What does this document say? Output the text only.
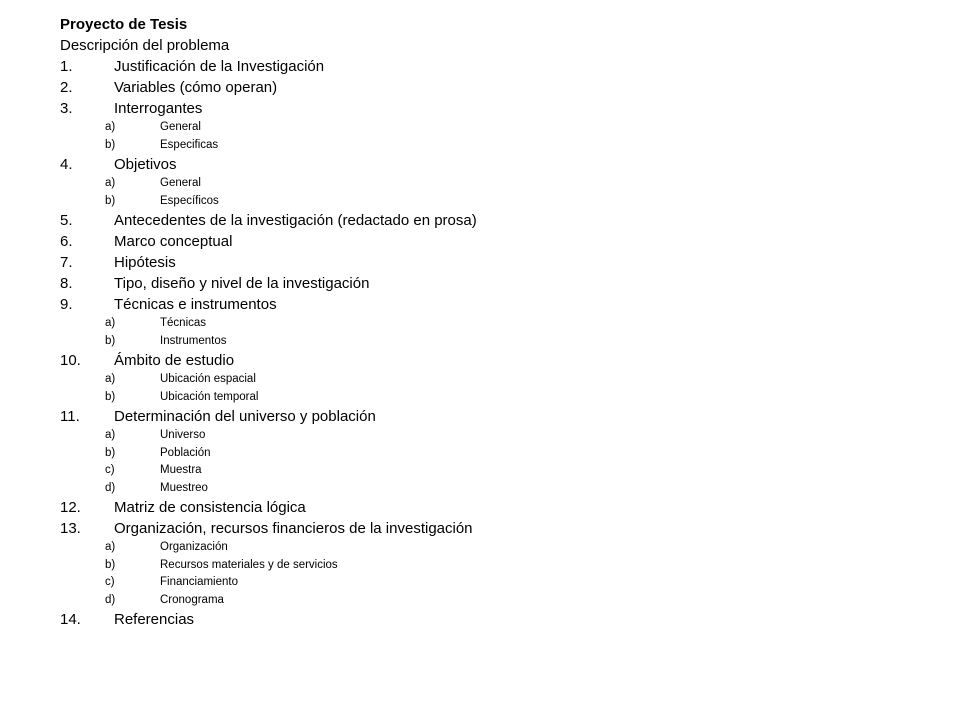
Proyecto de Tesis
Descripción del problema
1.	Justificación de la Investigación
2.	Variables (cómo operan)
3.	Interrogantes
a)	General
b)	Especificas
4.	Objetivos
a)	General
b)	Específicos
5.	Antecedentes de la investigación (redactado en prosa)
6.	Marco conceptual
7.	Hipótesis
8.	Tipo, diseño y nivel de la investigación
9.	Técnicas e instrumentos
a)	Técnicas
b)	Instrumentos
10. Ámbito de estudio
a)	Ubicación espacial
b)	Ubicación temporal
11. Determinación del universo y población
a)	Universo
b)	Población
c)	Muestra
d)	Muestreo
12. Matriz de consistencia lógica
13. Organización, recursos financieros de la investigación
a)	Organización
b)	Recursos materiales y de servicios
c)	Financiamiento
d)	Cronograma
14. Referencias
